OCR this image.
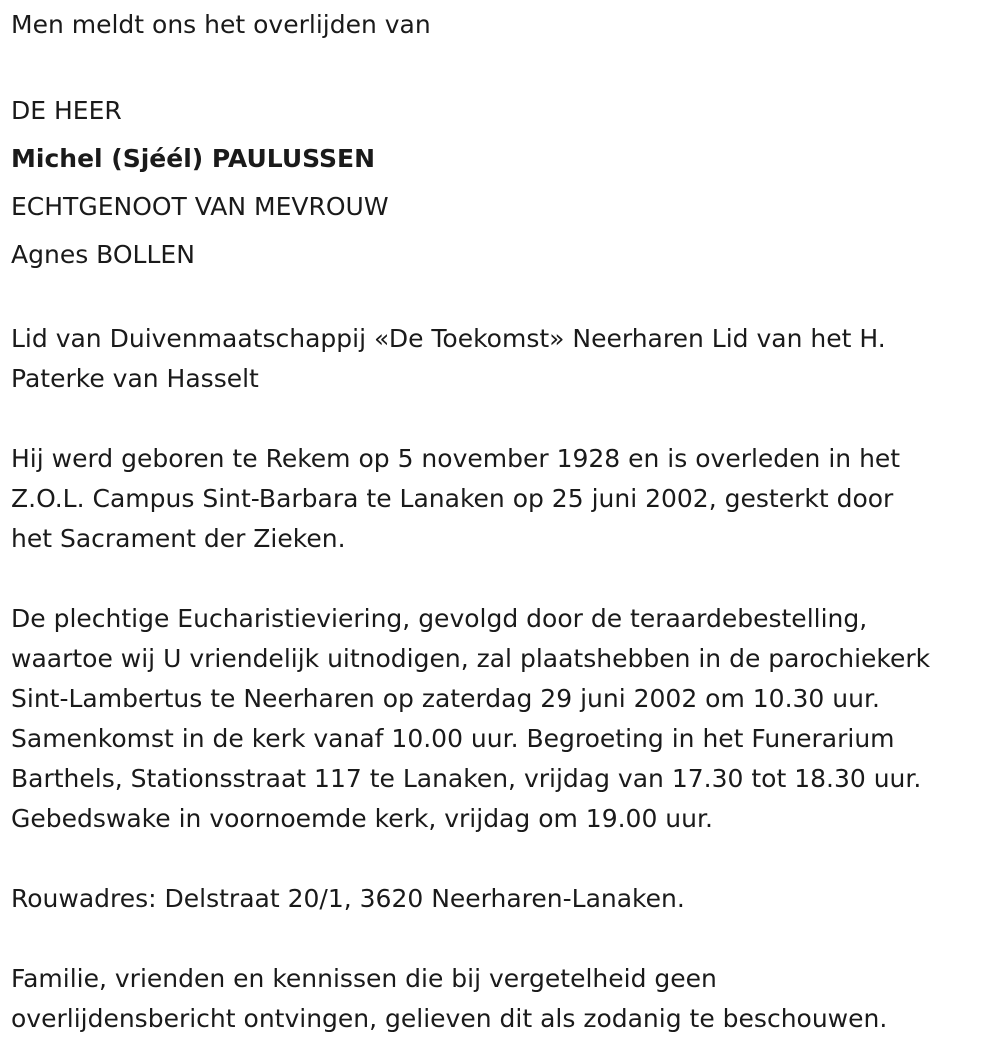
Men meldt ons het overlijden van
DE HEER
Michel (Sjéél) PAULUSSEN
ECHTGENOOT VAN MEVROUW
Agnes BOLLEN
Lid van Duivenmaatschappij «De Toekomst» Neerharen Lid van het H.
Paterke van Hasselt
Hij werd geboren te Rekem op 5 november 1928 en is overleden in het
Z.O.L. Campus Sint-Barbara te Lanaken op 25 juni 2002, gesterkt door
het Sacrament der Zieken.
De plechtige Eucharistieviering, gevolgd door de teraardebestelling,
waartoe wij U vriendelijk uitnodigen, zal plaatshebben in de parochiekerk
Sint-Lambertus te Neerharen op zaterdag 29 juni 2002 om 10.30 uur.
Samenkomst in de kerk vanaf 10.00 uur. Begroeting in het Funerarium
Barthels, Stationsstraat 117 te Lanaken, vrijdag van 17.30 tot 18.30 uur.
Gebedswake in voornoemde kerk, vrijdag om 19.00 uur.
Rouwadres: Delstraat 20/1, 3620 Neerharen-Lanaken.
Familie, vrienden en kennissen die bij vergetelheid geen
overlijdensbericht ontvingen, gelieven dit als zodanig te beschouwen.
